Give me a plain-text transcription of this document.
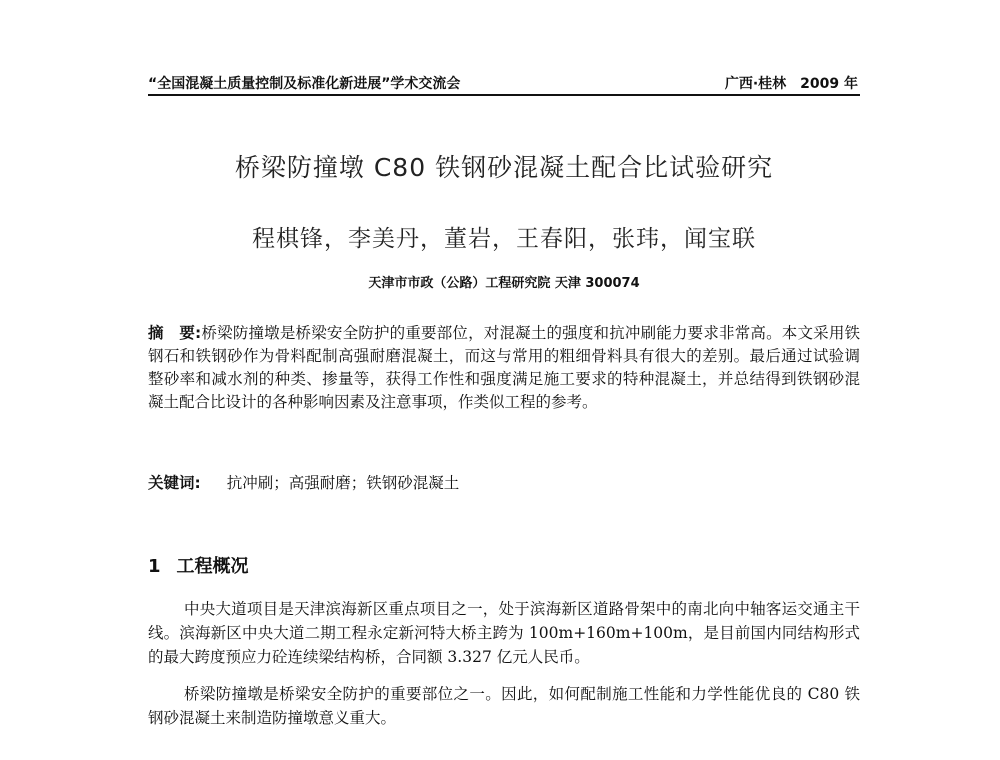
“全国混凝土质量控制及标准化新进展”学术交流会	广西·桂林　2009 年
桥梁防撞墩 C80 铁钢砂混凝土配合比试验研究
程棋锋，李美丹，董岩，王春阳，张玮，闻宝联
天津市市政（公路）工程研究院 天津 300074
摘　要:桥梁防撞墩是桥梁安全防护的重要部位，对混凝土的强度和抗冲刷能力要求非常高。本文采用铁钢石和铁钢砂作为骨料配制高强耐磨混凝土，而这与常用的粗细骨料具有很大的差别。最后通过试验调整砂率和减水剂的种类、掺量等，获得工作性和强度满足施工要求的特种混凝土，并总结得到铁钢砂混凝土配合比设计的各种影响因素及注意事项，作类似工程的参考。
关键词: 抗冲刷；高强耐磨；铁钢砂混凝土
1 工程概况
中央大道项目是天津滨海新区重点项目之一，处于滨海新区道路骨架中的南北向中轴客运交通主干线。滨海新区中央大道二期工程永定新河特大桥主跨为 100m+160m+100m，是目前国内同结构形式的最大跨度预应力砼连续梁结构桥，合同额 3.327 亿元人民币。
桥梁防撞墩是桥梁安全防护的重要部位之一。因此，如何配制施工性能和力学性能优良的 C80 铁钢砂混凝土来制造防撞墩意义重大。
